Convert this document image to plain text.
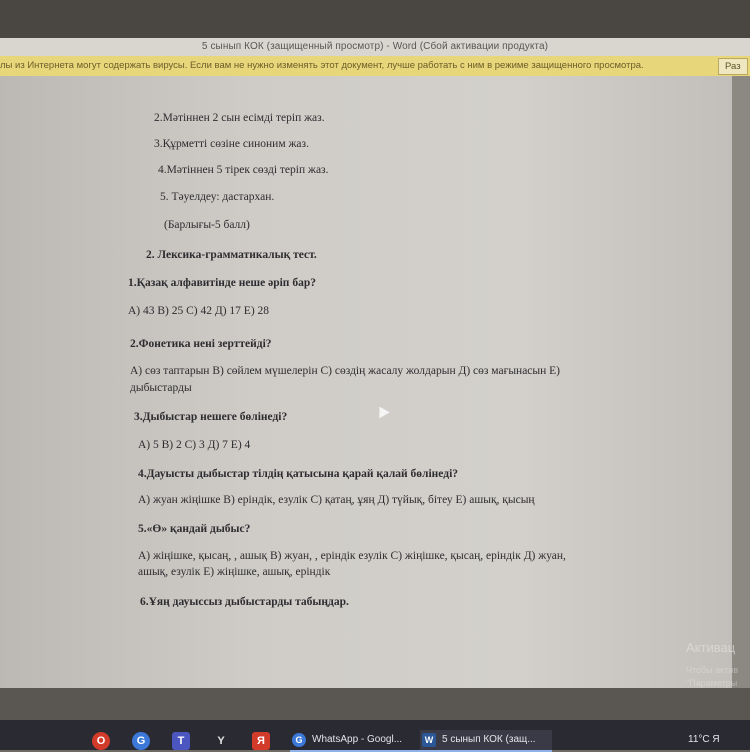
5 сынып КОК (защищенный просмотр) - Word (Сбой активации продукта)
лы из Интернета могут содержать вирусы. Если вам не нужно изменять этот документ, лучше работать с ним в режиме защищенного просмотра.	Раз
2.Мәтіннен 2 сын есімді теріп жаз.
3.Құрметті сөзіне синоним жаз.
4.Мәтіннен 5 тірек сөзді теріп жаз.
5. Тәуелдеу: дастархан.
(Барлығы-5 балл)
2. Лексика-грамматикалық тест.
1.Қазақ алфавитінде неше әріп бар?
А) 43 В) 25 С) 42 Д) 17 Е) 28
2.Фонетика нені зерттейді?
А) сөз таптарын В) сөйлем мүшелерін С) сөздің жасалу жолдарын Д) сөз мағынасын Е)
дыбыстарды
3.Дыбыстар нешеге бөлінеді?
А) 5 В) 2 С) 3 Д) 7 Е) 4
4.Дауысты дыбыстар тілдің қатысына қарай қалай бөлінеді?
А) жуан жіңішке В) еріндік, езулік С) қатаң, ұяң Д) түйық, бітеу Е) ашық, қысың
5.«Ө» қандай дыбыс?
А) жіңішке, қысаң, , ашық В) жуан, , еріндік езулік С) жіңішке, қысаң, еріндік Д) жуан,
ашық, езулік Е) жіңішке, ашық, еріндік
6.Ұяң дауыссыз дыбыстарды табыңдар.
Активац
Чтобы актив
"Параметры
O	G	T	Y	Я	G WhatsApp - Googl...	W 5 сынып КОК (защ...	11°C Я
